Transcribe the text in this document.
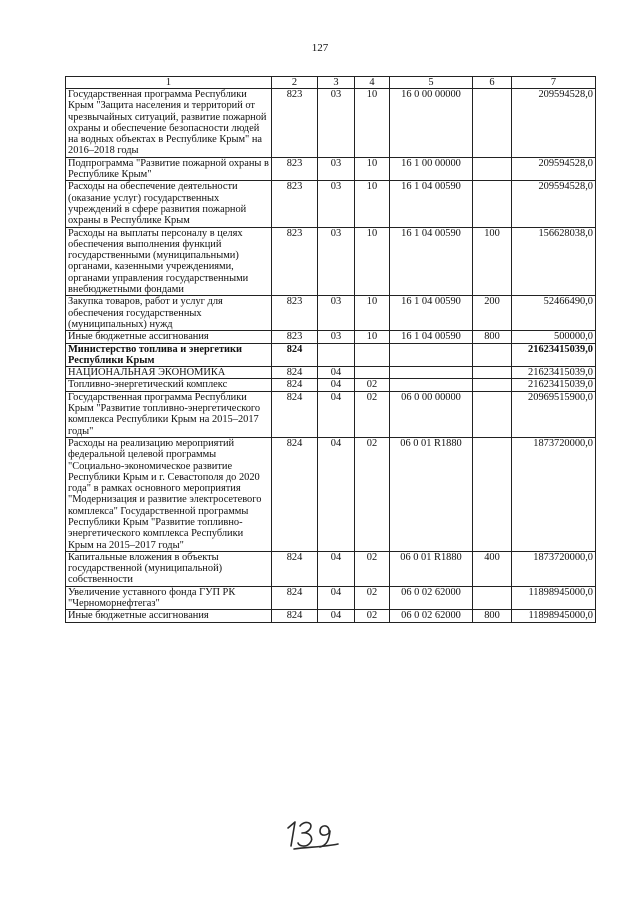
127
1	2	3	4	5	6	7
Государственная программа Республики Крым "Защита населения и территорий от чрезвычайных ситуаций, развитие пожарной охраны и обеспечение безопасности людей на водных объектах в Республике Крым" на 2016–2018 годы	823	03	10	16 0 00 00000		209594528,0
Подпрограмма "Развитие пожарной охраны в Республике Крым"	823	03	10	16 1 00 00000		209594528,0
Расходы на обеспечение деятельности (оказание услуг) государственных учреждений в сфере развития пожарной охраны в Республике Крым	823	03	10	16 1 04 00590		209594528,0
Расходы на выплаты персоналу в целях обеспечения выполнения функций государственными (муниципальными) органами, казенными учреждениями, органами управления государственными внебюджетными фондами	823	03	10	16 1 04 00590	100	156628038,0
Закупка товаров, работ и услуг для обеспечения государственных (муниципальных) нужд	823	03	10	16 1 04 00590	200	52466490,0
Иные бюджетные ассигнования	823	03	10	16 1 04 00590	800	500000,0
Министерство топлива и энергетики Республики Крым	824					21623415039,0
НАЦИОНАЛЬНАЯ ЭКОНОМИКА	824	04				21623415039,0
Топливно-энергетический комплекс	824	04	02			21623415039,0
Государственная программа Республики Крым "Развитие топливно-энергетического комплекса Республики Крым на 2015–2017 годы"	824	04	02	06 0 00 00000		20969515900,0
Расходы на реализацию мероприятий федеральной целевой программы "Социально-экономическое развитие Республики Крым и г. Севастополя до 2020 года" в рамках основного мероприятия "Модернизация и развитие электросетевого комплекса" Государственной программы Республики Крым "Развитие топливно-энергетического комплекса Республики Крым на 2015–2017 годы"	824	04	02	06 0 01 R1880		1873720000,0
Капитальные вложения в объекты государственной (муниципальной) собственности	824	04	02	06 0 01 R1880	400	1873720000,0
Увеличение уставного фонда ГУП РК "Черноморнефтегаз"	824	04	02	06 0 02 62000		11898945000,0
Иные бюджетные ассигнования	824	04	02	06 0 02 62000	800	11898945000,0
